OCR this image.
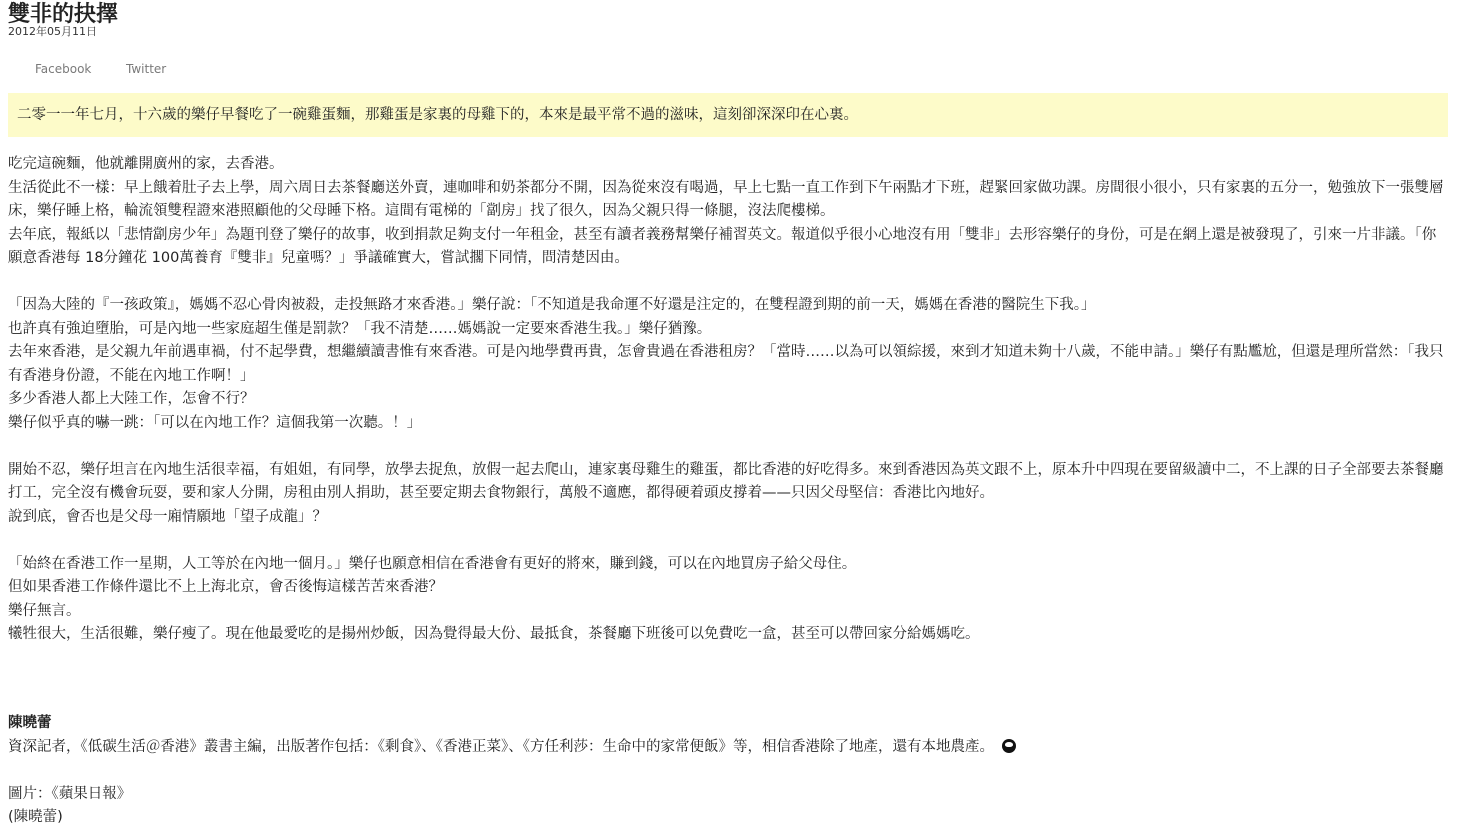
雙非的抉擇
2012年05月11日
Facebook	Twitter
二零一一年七月，十六歲的樂仔早餐吃了一碗雞蛋麵，那雞蛋是家裏的母雞下的，本來是最平常不過的滋味，這刻卻深深印在心裏。

吃完這碗麵，他就離開廣州的家，去香港。

生活從此不一樣：早上餓着肚子去上學，周六周日去茶餐廳送外賣，連咖啡和奶茶都分不開，因為從來沒有喝過，早上七點一直工作到下午兩點才下班，趕緊回家做功課。房間很小很小，只有家裏的五分一，勉強放下一張雙層床，樂仔睡上格，輪流領雙程證來港照顧他的父母睡下格。這間有電梯的「劏房」找了很久，因為父親只得一條腿，沒法爬樓梯。

去年底，報紙以「悲情劏房少年」為題刊登了樂仔的故事，收到捐款足夠支付一年租金，甚至有讀者義務幫樂仔補習英文。報道似乎很小心地沒有用「雙非」去形容樂仔的身份，可是在網上還是被發現了，引來一片非議。「你願意香港每 18分鐘花 100萬養育『雙非』兒童嗎？」爭議確實大，嘗試擱下同情，問清楚因由。

「因為大陸的『一孩政策』，媽媽不忍心骨肉被殺，走投無路才來香港。」樂仔說：「不知道是我命運不好還是注定的，在雙程證到期的前一天，媽媽在香港的醫院生下我。」

也許真有強迫墮胎，可是內地一些家庭超生僅是罰款？「我不清楚……媽媽說一定要來香港生我。」樂仔猶豫。

去年來香港，是父親九年前遇車禍，付不起學費，想繼續讀書惟有來香港。可是內地學費再貴，怎會貴過在香港租房？「當時……以為可以領綜援，來到才知道未夠十八歲，不能申請。」樂仔有點尷尬，但還是理所當然：「我只有香港身份證，不能在內地工作啊！」

多少香港人都上大陸工作，怎會不行？

樂仔似乎真的嚇一跳：「可以在內地工作？這個我第一次聽。！」

開始不忍，樂仔坦言在內地生活很幸福，有姐姐，有同學，放學去捉魚，放假一起去爬山，連家裏母雞生的雞蛋，都比香港的好吃得多。來到香港因為英文跟不上，原本升中四現在要留級讀中二，不上課的日子全部要去茶餐廳打工，完全沒有機會玩耍，要和家人分開，房租由別人捐助，甚至要定期去食物銀行，萬般不適應，都得硬着頭皮撐着——只因父母堅信：香港比內地好。

說到底，會否也是父母一廂情願地「望子成龍」？

「始終在香港工作一星期，人工等於在內地一個月。」樂仔也願意相信在香港會有更好的將來，賺到錢，可以在內地買房子給父母住。

但如果香港工作條件還比不上上海北京，會否後悔這樣苦苦來香港？

樂仔無言。

犧牲很大，生活很難，樂仔瘦了。現在他最愛吃的是揚州炒飯，因為覺得最大份、最抵食，茶餐廳下班後可以免費吃一盒，甚至可以帶回家分給媽媽吃。

陳曉蕾
資深記者，《低碳生活＠香港》叢書主編，出版著作包括：《剩食》、《香港正菜》、《方任利莎：生命中的家常便飯》等，相信香港除了地產，還有本地農產。
圖片：《蘋果日報》
(陳曉蕾)
